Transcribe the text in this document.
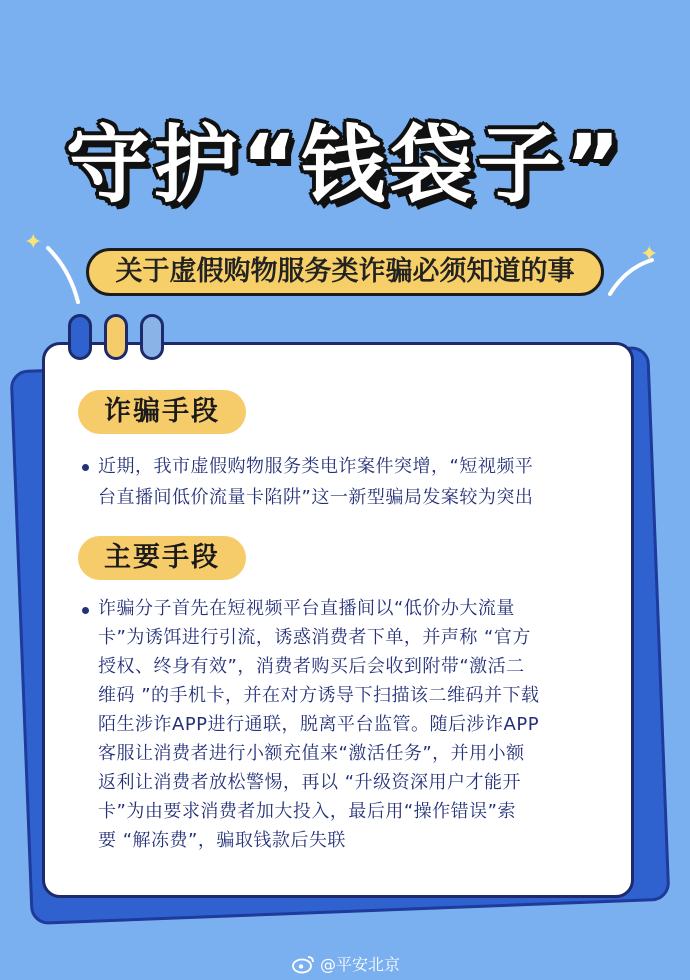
守护“钱袋子”
✦	✦
关于虚假购物服务类诈骗必须知道的事
诈骗手段
近期，我市虚假购物服务类电诈案件突增，“短视频平
台直播间低价流量卡陷阱”这一新型骗局发案较为突出
主要手段
诈骗分子首先在短视频平台直播间以“低价办大流量
卡”为诱饵进行引流，诱惑消费者下单，并声称 “官方
授权、终身有效”，消费者购买后会收到附带“激活二
维码 ”的手机卡，并在对方诱导下扫描该二维码并下载
陌生涉诈APP进行通联，脱离平台监管。随后涉诈APP
客服让消费者进行小额充值来“激活任务”，并用小额
返利让消费者放松警惕，再以 “升级资深用户才能开
卡”为由要求消费者加大投入，最后用“操作错误”索
要 “解冻费”，骗取钱款后失联
@平安北京
